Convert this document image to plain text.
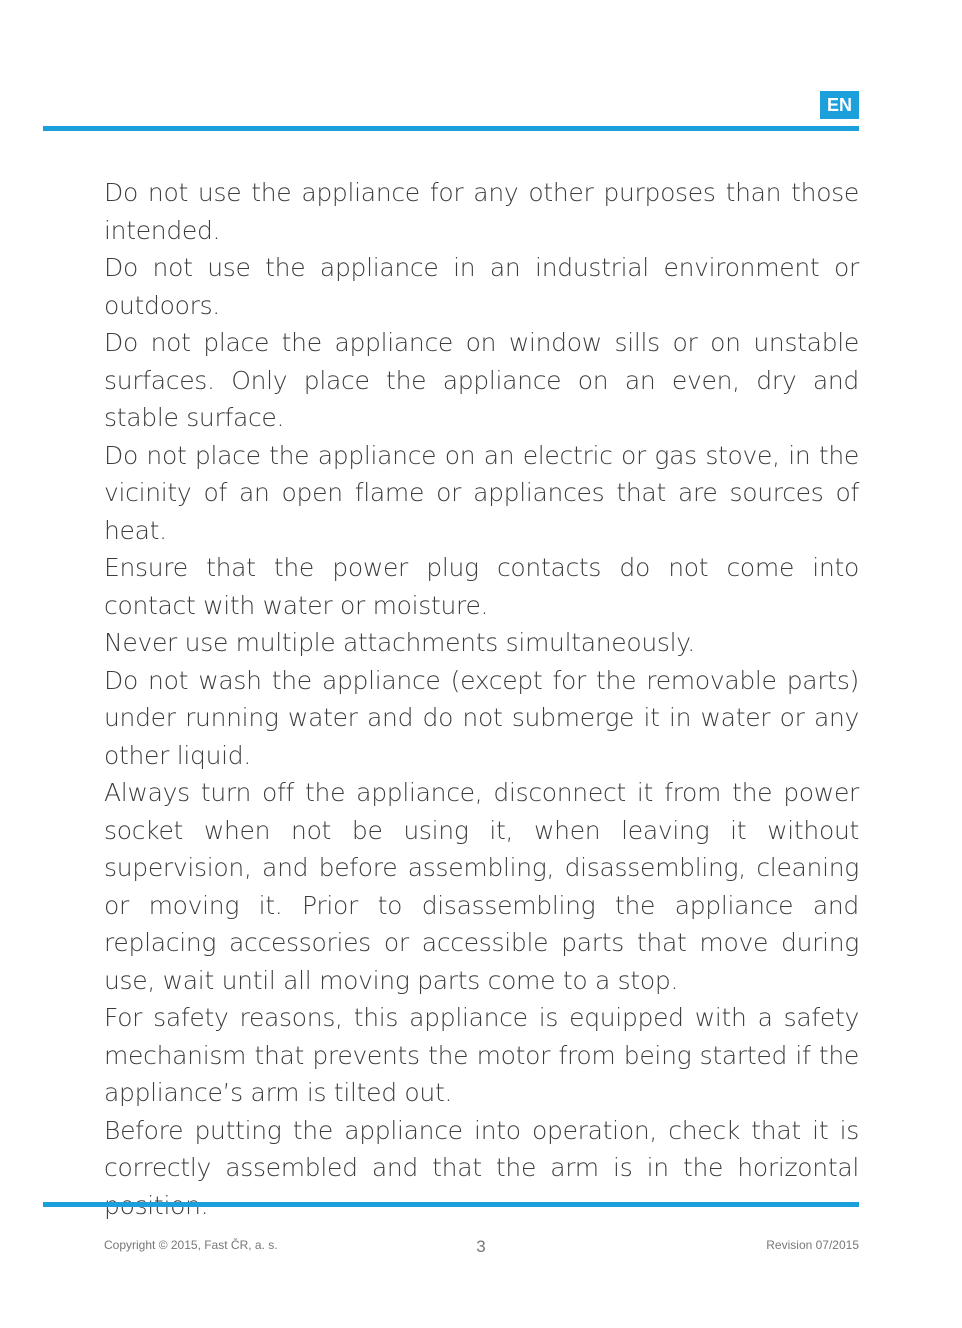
EN

Do not use the appliance for any other purposes than those intended.

Do not use the appliance in an industrial environment or outdoors.

Do not place the appliance on window sills or on unstable surfaces. Only place the appliance on an even, dry and stable surface.

Do not place the appliance on an electric or gas stove, in the vicinity of an open flame or appliances that are sources of heat.

Ensure that the power plug contacts do not come into contact with water or moisture.

Never use multiple attachments simultaneously.

Do not wash the appliance (except for the removable parts) under running water and do not submerge it in water or any other liquid.

Always turn off the appliance, disconnect it from the power socket when not be using it, when leaving it without supervision, and before assembling, disassembling, cleaning or moving it. Prior to disassembling the appliance and replacing accessories or accessible parts that move during use, wait until all moving parts come to a stop.

For safety reasons, this appliance is equipped with a safety mechanism that prevents the motor from being started if the appliance’s arm is tilted out.

Before putting the appliance into operation, check that it is correctly assembled and that the arm is in the horizontal

Copyright © 2015, Fast ČR, a. s.	3	Revision 07/2015
